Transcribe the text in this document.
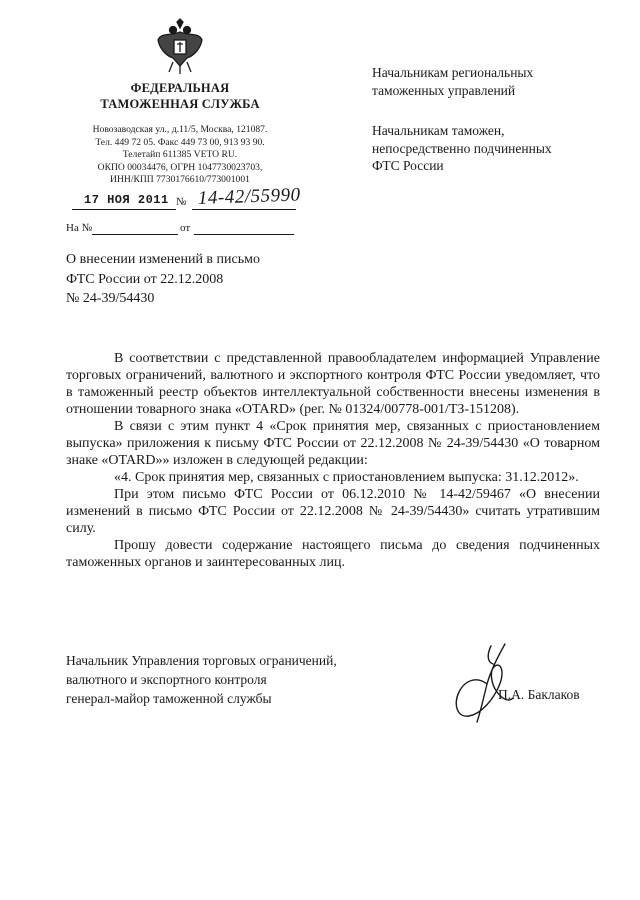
ФЕДЕРАЛЬНАЯ
ТАМОЖЕННАЯ СЛУЖБА
Новозаводская ул., д.11/5, Москва, 121087.
Тел. 449 72 05. Факс 449 73 00, 913 93 90.
Телетайп 611385 VETO RU.
ОКПО 00034476, ОГРН 1047730023703,
ИНН/КПП 7730176610/773001001
17 НОЯ 2011 № 14-42/55990
На №	от
Начальникам региональных
таможенных управлений
Начальникам таможен,
непосредственно подчиненных
ФТС России
О внесении изменений в письмо
ФТС России от 22.12.2008
№ 24-39/54430

В соответствии с представленной правообладателем информацией Управление торговых ограничений, валютного и экспортного контроля ФТС России уведомляет, что в таможенный реестр объектов интеллектуальной собственности внесены изменения в отношении товарного знака «OTARD» (рег. № 01324/00778-001/ТЗ-151208).

В связи с этим пункт 4 «Срок принятия мер, связанных с приостановлением выпуска» приложения к письму ФТС России от 22.12.2008 № 24-39/54430 «О товарном знаке «OTARD»» изложен в следующей редакции:

«4. Срок принятия мер, связанных с приостановлением выпуска: 31.12.2012».

При этом письмо ФТС России от 06.12.2010 № 14-42/59467 «О внесении изменений в письмо ФТС России от 22.12.2008 № 24-39/54430» считать утратившим силу.

Прошу довести содержание настоящего письма до сведения подчиненных таможенных органов и заинтересованных лиц.

Начальник Управления торговых ограничений,
валютного и экспортного контроля
генерал-майор таможенной службы	П.А. Баклаков
